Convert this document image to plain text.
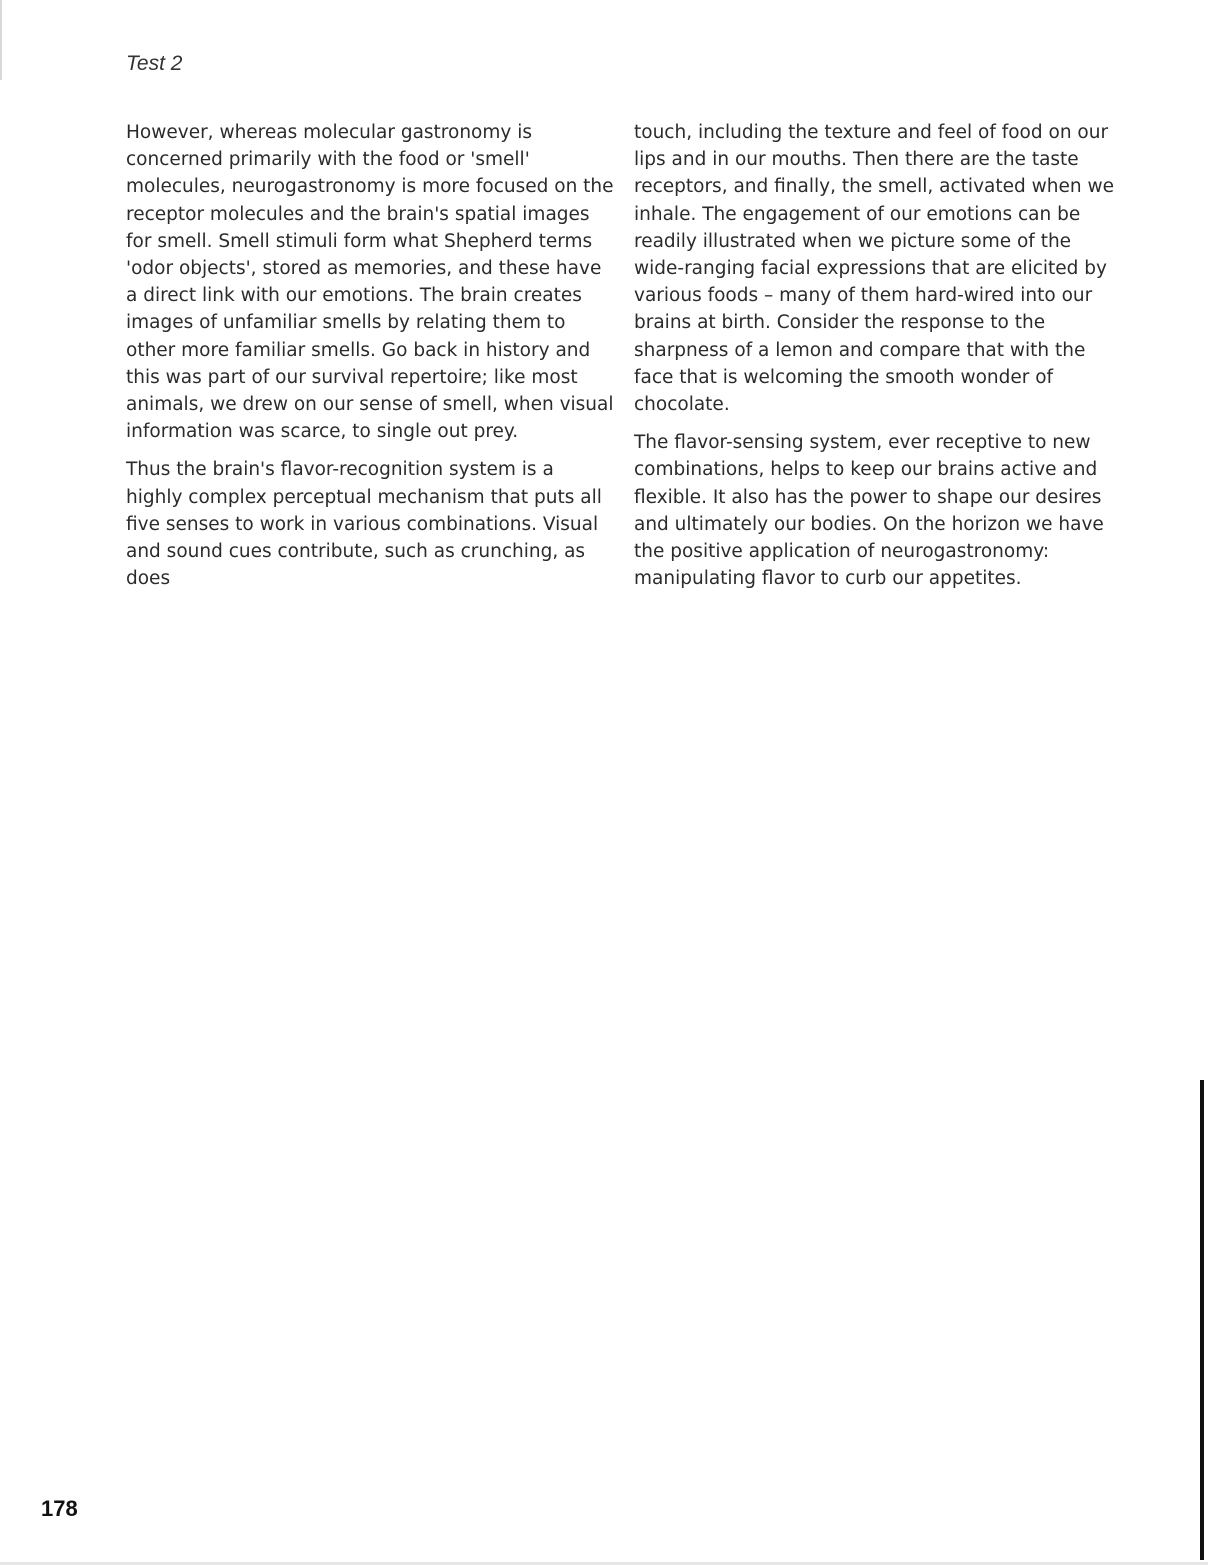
Test 2

However, whereas molecular gastronomy is concerned primarily with the food or 'smell' molecules, neurogastronomy is more focused on the receptor molecules and the brain's spatial images for smell. Smell stimuli form what Shepherd terms 'odor objects', stored as memories, and these have a direct link with our emotions. The brain creates images of unfamiliar smells by relating them to other more familiar smells. Go back in history and this was part of our survival repertoire; like most animals, we drew on our sense of smell, when visual information was scarce, to single out prey.

Thus the brain's flavor-recognition system is a highly complex perceptual mechanism that puts all five senses to work in various combinations. Visual and sound cues contribute, such as crunching, as does

touch, including the texture and feel of food on our lips and in our mouths. Then there are the taste receptors, and finally, the smell, activated when we inhale. The engagement of our emotions can be readily illustrated when we picture some of the wide-ranging facial expressions that are elicited by various foods – many of them hard-wired into our brains at birth. Consider the response to the sharpness of a lemon and compare that with the face that is welcoming the smooth wonder of chocolate.

The flavor-sensing system, ever receptive to new combinations, helps to keep our brains active and flexible. It also has the power to shape our desires and ultimately our bodies. On the horizon we have the positive application of neurogastronomy: manipulating flavor to curb our appetites.

178
